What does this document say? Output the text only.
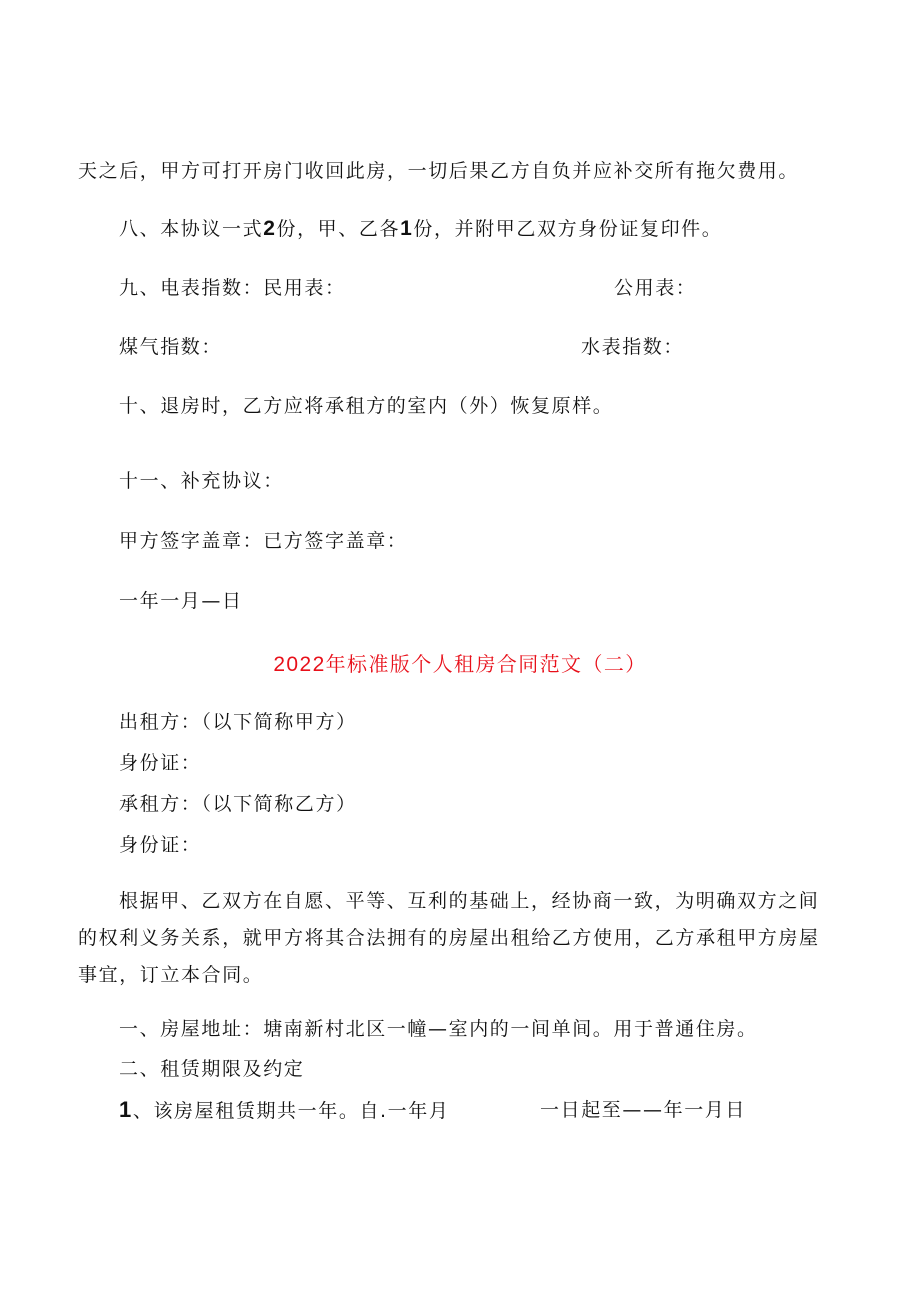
天之后，甲方可打开房门收回此房，一切后果乙方自负并应补交所有拖欠费用。
八、本协议一式2份，甲、乙各1份，并附甲乙双方身份证复印件。
九、电表指数：民用表：	公用表：
煤气指数：	水表指数：
十、退房时，乙方应将承租方的室内（外）恢复原样。
十一、补充协议：
甲方签字盖章：已方签字盖章：
一年一月—日
2022年标准版个人租房合同范文（二）
出租方：（以下简称甲方）
身份证：
承租方：（以下简称乙方）
身份证：
根据甲、乙双方在自愿、平等、互利的基础上，经协商一致，为明确双方之间的权利义务关系，就甲方将其合法拥有的房屋出租给乙方使用，乙方承租甲方房屋事宜，订立本合同。
一、房屋地址：塘南新村北区一幢—室内的一间单间。用于普通住房。
二、租赁期限及约定
1、该房屋租赁期共一年。自.一年月	一日起至——年一月日
